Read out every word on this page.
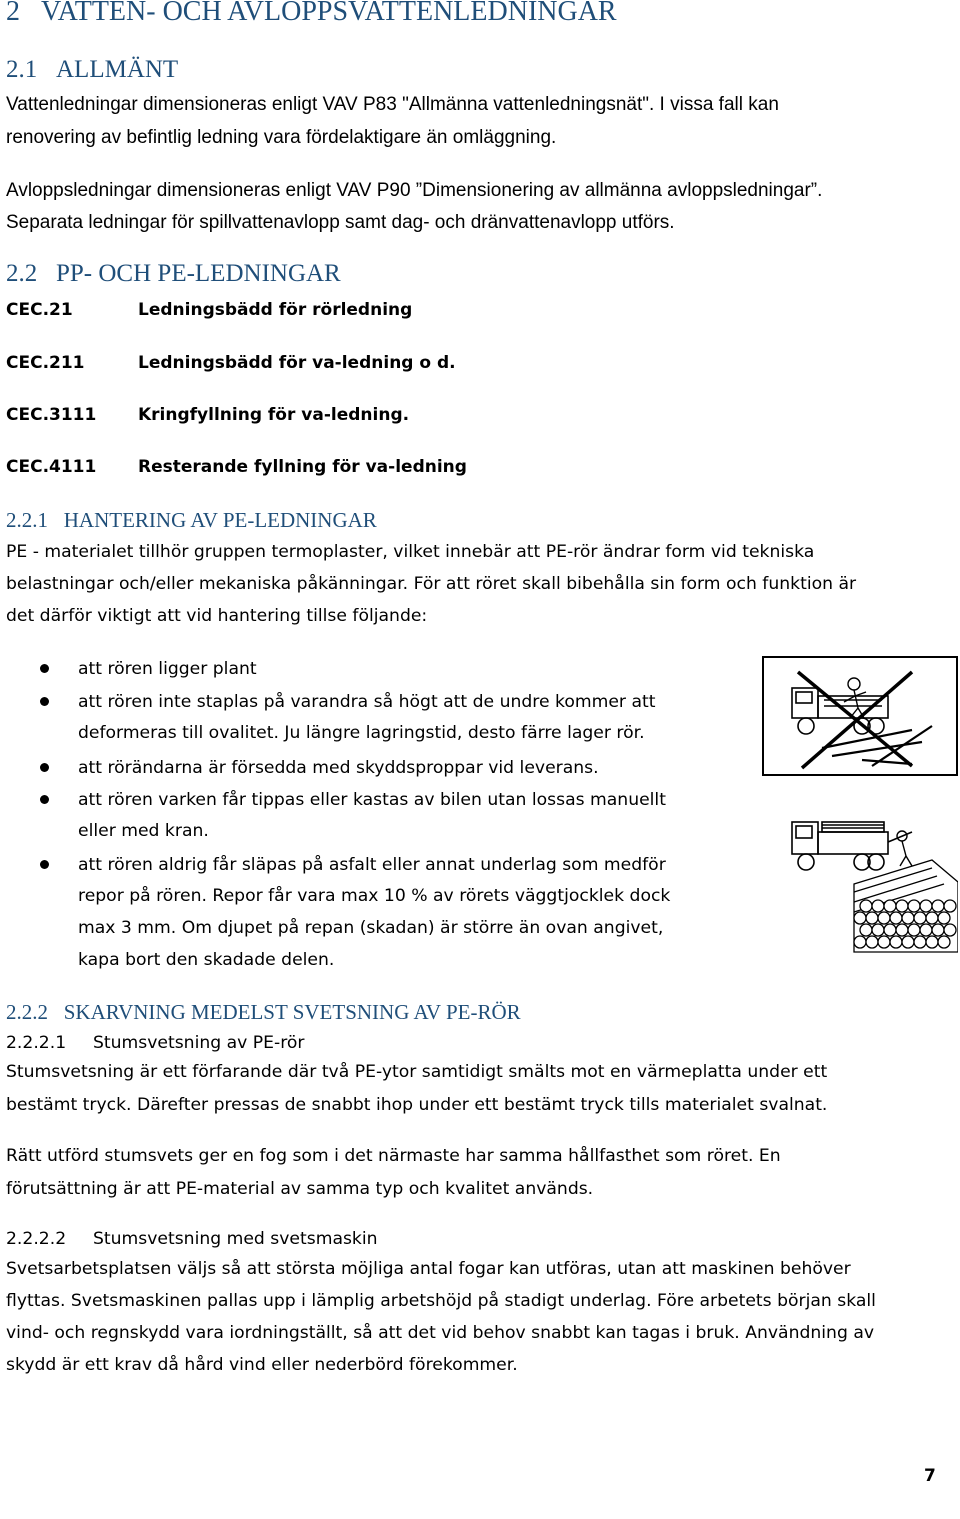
2 VATTEN- OCH AVLOPPSVATTENLEDNINGAR
2.1 ALLMÄNT
Vattenledningar dimensioneras enligt VAV P83 "Allmänna vattenledningsnät". I vissa fall kan
renovering av befintlig ledning vara fördelaktigare än omläggning.
Avloppsledningar dimensioneras enligt VAV P90 ”Dimensionering av allmänna avloppsledningar”.
Separata ledningar för spillvattenavlopp samt dag- och dränvattenavlopp utförs.
2.2 PP- OCH PE-LEDNINGAR
CEC.21	Ledningsbädd för rörledning
CEC.211	Ledningsbädd för va-ledning o d.
CEC.3111 Kringfyllning för va-ledning.
CEC.4111 Resterande fyllning för va-ledning
2.2.1 HANTERING AV PE-LEDNINGAR
PE - materialet tillhör gruppen termoplaster, vilket innebär att PE-rör ändrar form vid tekniska
belastningar och/eller mekaniska påkänningar. För att röret skall bibehålla sin form och funktion är
det därför viktigt att vid hantering tillse följande:
att rören ligger plant
att rören inte staplas på varandra så högt att de undre kommer att
deformeras till ovalitet. Ju längre lagringstid, desto färre lager rör.
att rörändarna är försedda med skyddsproppar vid leverans.
att rören varken får tippas eller kastas av bilen utan lossas manuellt
eller med kran.
att rören aldrig får släpas på asfalt eller annat underlag som medför
repor på rören. Repor får vara max 10 % av rörets väggtjocklek dock
max 3 mm. Om djupet på repan (skadan) är större än ovan angivet,
kapa bort den skadade delen.
2.2.2 SKARVNING MEDELST SVETSNING AV PE-RÖR
2.2.2.1 Stumsvetsning av PE-rör
Stumsvetsning är ett förfarande där två PE-ytor samtidigt smälts mot en värmeplatta under ett
bestämt tryck. Därefter pressas de snabbt ihop under ett bestämt tryck tills materialet svalnat.
Rätt utförd stumsvets ger en fog som i det närmaste har samma hållfasthet som röret. En
förutsättning är att PE-material av samma typ och kvalitet används.
2.2.2.2 Stumsvetsning med svetsmaskin
Svetsarbetsplatsen väljs så att största möjliga antal fogar kan utföras, utan att maskinen behöver
flyttas. Svetsmaskinen pallas upp i lämplig arbetshöjd på stadigt underlag. Före arbetets början skall
vind- och regnskydd vara iordningställt, så att det vid behov snabbt kan tagas i bruk. Användning av
skydd är ett krav då hård vind eller nederbörd förekommer.
7
